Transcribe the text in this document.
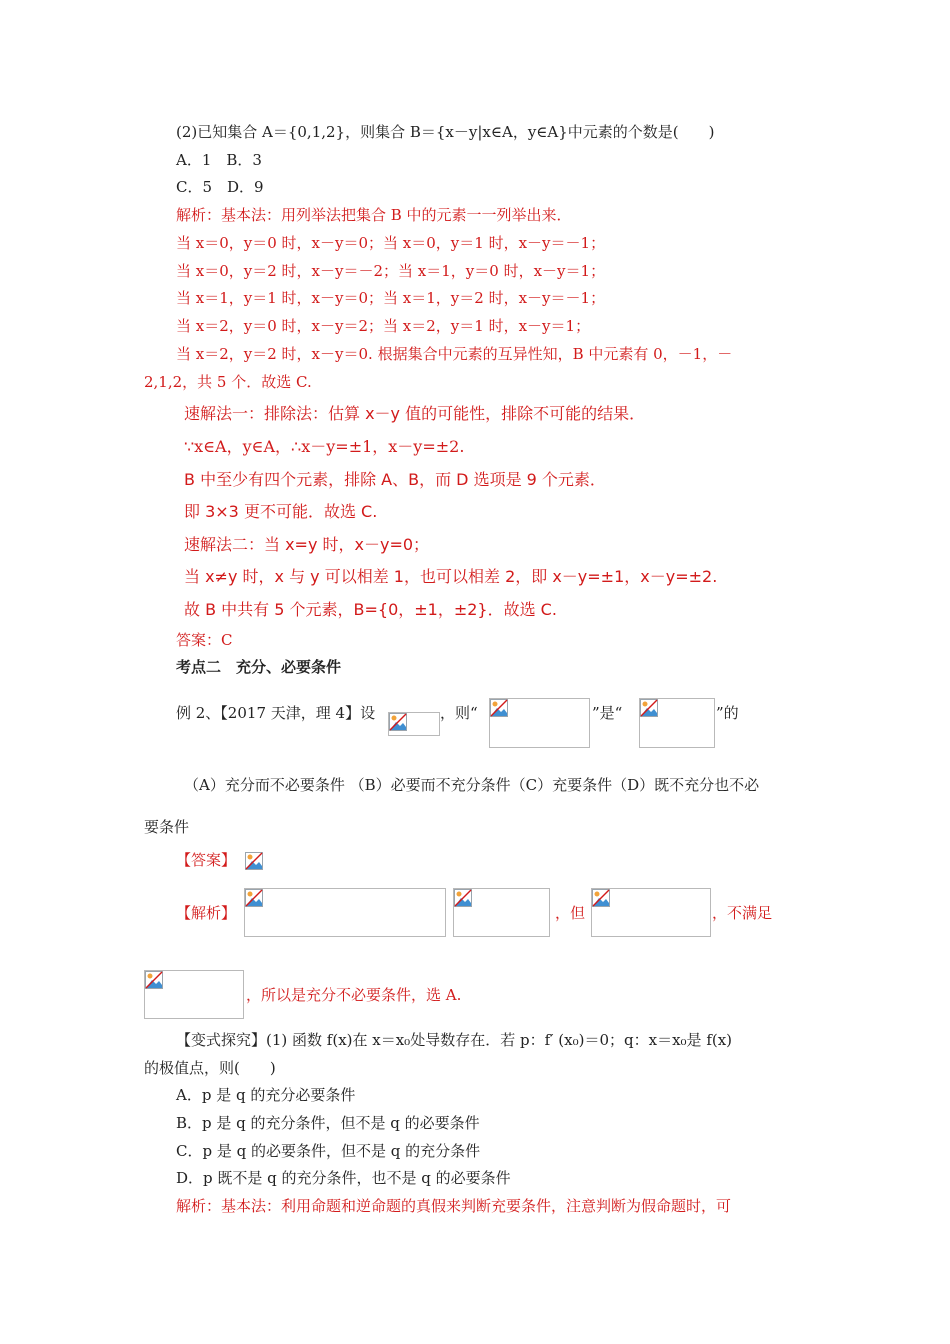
(2)已知集合 A＝{0,1,2}，则集合 B＝{x－y|x∈A，y∈A}中元素的个数是(　　)
A．1　B．3
C．5　D．9
解析：基本法：用列举法把集合 B 中的元素一一列举出来．
当 x＝0，y＝0 时，x－y＝0；当 x＝0，y＝1 时，x－y＝－1；
当 x＝0，y＝2 时，x－y＝－2；当 x＝1，y＝0 时，x－y＝1；
当 x＝1，y＝1 时，x－y＝0；当 x＝1，y＝2 时，x－y＝－1；
当 x＝2，y＝0 时，x－y＝2；当 x＝2，y＝1 时，x－y＝1；
当 x＝2，y＝2 时，x－y＝0. 根据集合中元素的互异性知，B 中元素有 0，－1，－
2,1,2，共 5 个．故选 C.
速解法一：排除法：估算 x－y 值的可能性，排除不可能的结果．
∵x∈A，y∈A，∴x－y=±1，x－y=±2.
B 中至少有四个元素，排除 A、B，而 D 选项是 9 个元素．
即 3×3 更不可能．故选 C.
速解法二：当 x=y 时，x－y=0；
当 x≠y 时，x 与 y 可以相差 1，也可以相差 2，即 x－y=±1，x－y=±2.
故 B 中共有 5 个元素，B={0，±1，±2}．故选 C.
答案：C
考点二　充分、必要条件
例 2、【2017 天津，理 4】设	，则“	”是“	”的
（A）充分而不必要条件 （B）必要而不充分条件（C）充要条件（D）既不充分也不必
要条件
【答案】
【解析】	，但	，不满足
，所以是充分不必要条件，选 A.
【变式探究】(1) 函数 f(x)在 x＝x₀处导数存在．若 p：f′ (x₀)＝0；q：x＝x₀是 f(x)
的极值点，则(　　)
A．p 是 q 的充分必要条件
B．p 是 q 的充分条件，但不是 q 的必要条件
C．p 是 q 的必要条件，但不是 q 的充分条件
D．p 既不是 q 的充分条件，也不是 q 的必要条件
解析：基本法：利用命题和逆命题的真假来判断充要条件，注意判断为假命题时，可
